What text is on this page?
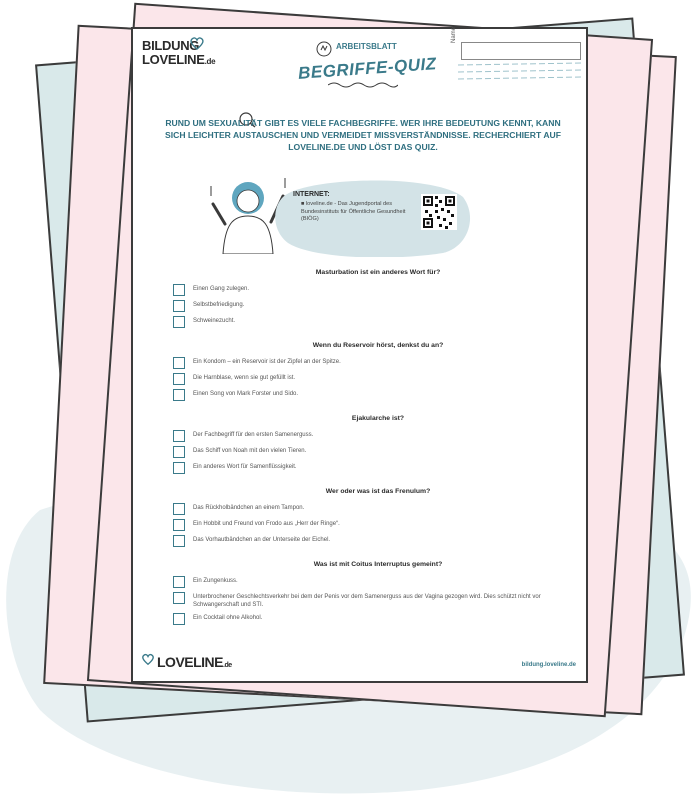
BILDUNG
LOVELINE.de
ARBEITSBLATT
BEGRIFFE-QUIZ
Name
RUND UM SEXUALITÄT GIBT ES VIELE FACHBEGRIFFE. WER IHRE BEDEUTUNG KENNT, KANN SICH LEICHTER AUSTAUSCHEN UND VERMEIDET MISSVERSTÄNDNISSE. RECHERCHIERT AUF LOVELINE.DE UND LÖST DAS QUIZ.
INTERNET:
■ loveline.de - Das Jugendportal des Bundesinstituts für Öffentliche Gesundheit (BIÖG)
Masturbation ist ein anderes Wort für?
Einen Gang zulegen.
Selbstbefriedigung.
Schweinezucht.
Wenn du Reservoir hörst, denkst du an?
Ein Kondom – ein Reservoir ist der Zipfel an der Spitze.
Die Harnblase, wenn sie gut gefüllt ist.
Einen Song von Mark Forster und Sido.
Ejakularche ist?
Der Fachbegriff für den ersten Samenerguss.
Das Schiff von Noah mit den vielen Tieren.
Ein anderes Wort für Samenflüssigkeit.
Wer oder was ist das Frenulum?
Das Rückholbändchen an einem Tampon.
Ein Hobbit und Freund von Frodo aus „Herr der Ringe“.
Das Vorhautbändchen an der Unterseite der Eichel.
Was ist mit Coitus Interruptus gemeint?
Ein Zungenkuss.
Unterbrochener Geschlechtsverkehr bei dem der Penis vor dem Samenerguss aus der Vagina gezogen wird. Dies schützt nicht vor Schwangerschaft und STI.
Ein Cocktail ohne Alkohol.
LOVELINE.de	bildung.loveline.de
